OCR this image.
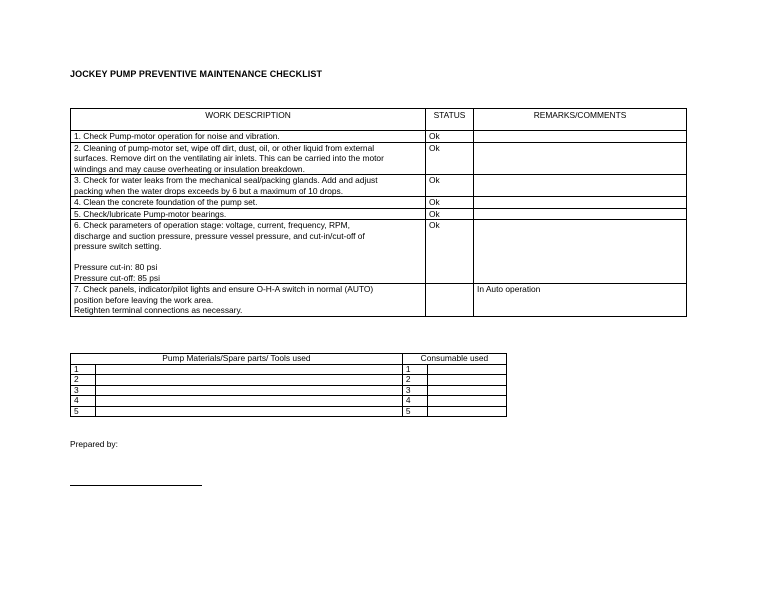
JOCKEY PUMP PREVENTIVE MAINTENANCE CHECKLIST
WORK DESCRIPTION	STATUS	REMARKS/COMMENTS

1. Check Pump-motor operation for noise and vibration.	Ok	

2. Cleaning of pump-motor set, wipe off dirt, dust, oil, or other liquid from external
surfaces. Remove dirt on the ventilating air inlets. This can be carried into the motor
windings and may cause overheating or insulation breakdown.	Ok	

3. Check for water leaks from the mechanical seal/packing glands. Add and adjust
packing when the water drops exceeds by 6 but a maximum of 10 drops.	Ok	

4. Clean the concrete foundation of the pump set.	Ok	

5. Check/lubricate Pump-motor bearings.	Ok	

6. Check parameters of operation stage: voltage, current, frequency, RPM,
discharge and suction pressure, pressure vessel pressure, and cut-in/cut-off of
pressure switch setting.

Pressure cut-in: 80 psi
Pressure cut-off: 85 psi	Ok	

7. Check panels, indicator/pilot lights and ensure O-H-A switch in normal (AUTO)
position before leaving the work area.
Retighten terminal connections as necessary.		In Auto operation
Pump Materials/Spare parts/ Tools used		Consumable used	
1		1	
2		2	
3		3	
4		4	
5		5	
Prepared by:
